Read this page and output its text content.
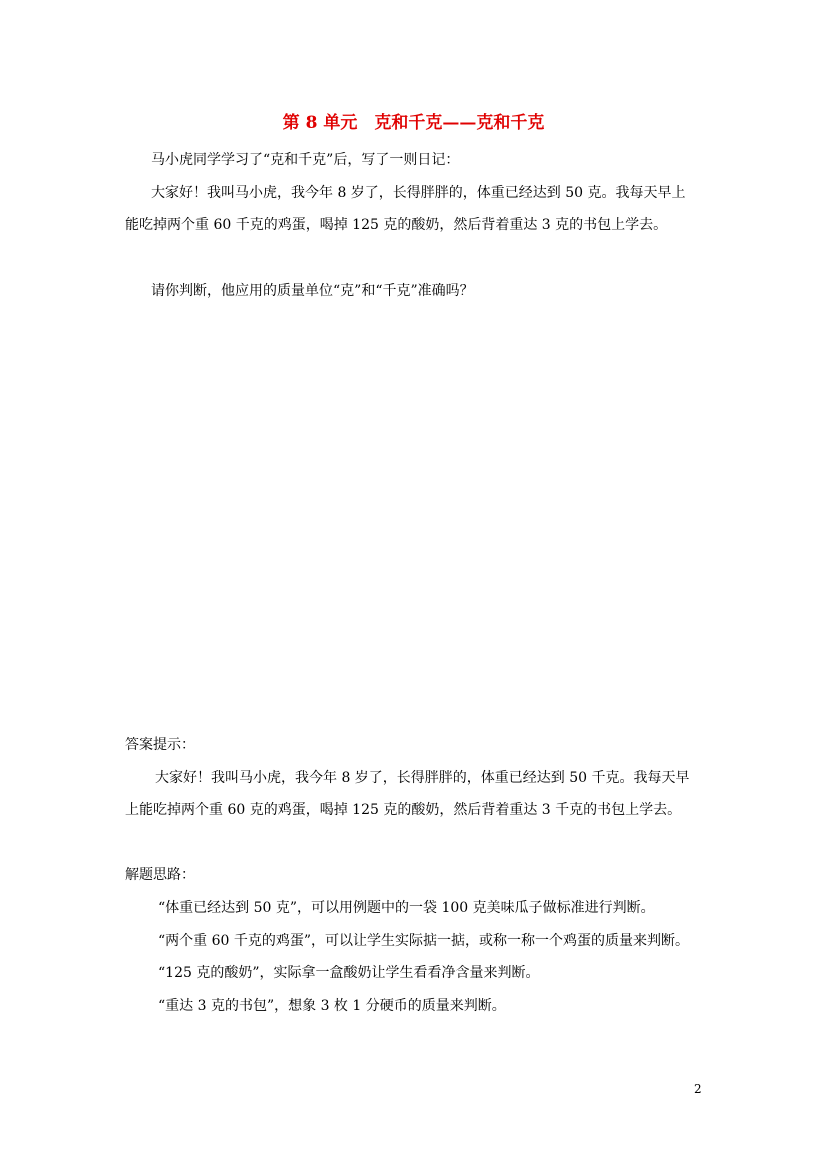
第 8 单元　克和千克——克和千克
马小虎同学学习了“克和千克”后，写了一则日记：
大家好！我叫马小虎，我今年 8 岁了，长得胖胖的，体重已经达到 50 克。我每天早上
能吃掉两个重 60 千克的鸡蛋，喝掉 125 克的酸奶，然后背着重达 3 克的书包上学去。
请你判断，他应用的质量单位“克”和“千克”准确吗？
答案提示：
大家好！我叫马小虎，我今年 8 岁了，长得胖胖的，体重已经达到 50 千克。我每天早
上能吃掉两个重 60 克的鸡蛋，喝掉 125 克的酸奶，然后背着重达 3 千克的书包上学去。
解题思路：
“体重已经达到 50 克”，可以用例题中的一袋 100 克美味瓜子做标准进行判断。
“两个重 60 千克的鸡蛋”，可以让学生实际掂一掂，或称一称一个鸡蛋的质量来判断。
“125 克的酸奶”，实际拿一盒酸奶让学生看看净含量来判断。
“重达 3 克的书包”，想象 3 枚 1 分硬币的质量来判断。
2
